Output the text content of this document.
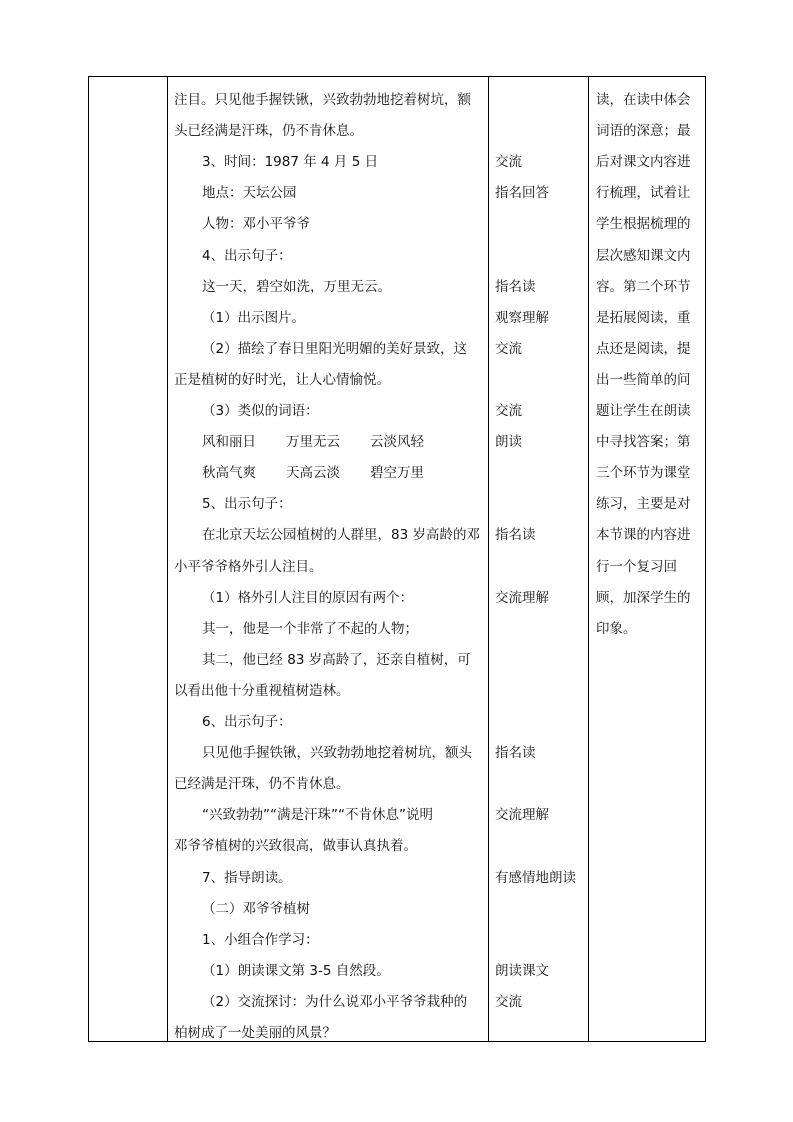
注目。只见他手握铁锹，兴致勃勃地挖着树坑，额
头已经满是汗珠，仍不肯休息。
3、时间：1987 年 4 月 5 日
地点：天坛公园
人物：邓小平爷爷
4、出示句子：
这一天，碧空如洗，万里无云。
（1）出示图片。
（2）描绘了春日里阳光明媚的美好景致，这
正是植树的好时光，让人心情愉悦。
（3）类似的词语：
风和丽日 万里无云 云淡风轻
秋高气爽 天高云淡 碧空万里
5、出示句子：
在北京天坛公园植树的人群里，83 岁高龄的邓
小平爷爷格外引人注目。
（1）格外引人注目的原因有两个：
其一，他是一个非常了不起的人物；
其二，他已经 83 岁高龄了，还亲自植树，可
以看出他十分重视植树造林。
6、出示句子：
只见他手握铁锹，兴致勃勃地挖着树坑，额头
已经满是汗珠，仍不肯休息。
“兴致勃勃”“满是汗珠”“不肯休息”说明
邓爷爷植树的兴致很高，做事认真执着。
7、指导朗读。
（二）邓爷爷植树
1、小组合作学习：
（1）朗读课文第 3-5 自然段。
（2）交流探讨：为什么说邓小平爷爷栽种的
柏树成了一处美丽的风景？
交流
指名回答
指名读
观察理解
交流
交流
朗读
指名读
交流理解
指名读
交流理解
有感情地朗读
朗读课文
交流
读，在读中体会
词语的深意；最
后对课文内容进
行梳理，试着让
学生根据梳理的
层次感知课文内
容。第二个环节
是拓展阅读，重
点还是阅读，提
出一些简单的问
题让学生在朗读
中寻找答案；第
三个环节为课堂
练习，主要是对
本节课的内容进
行一个复习回
顾，加深学生的
印象。
